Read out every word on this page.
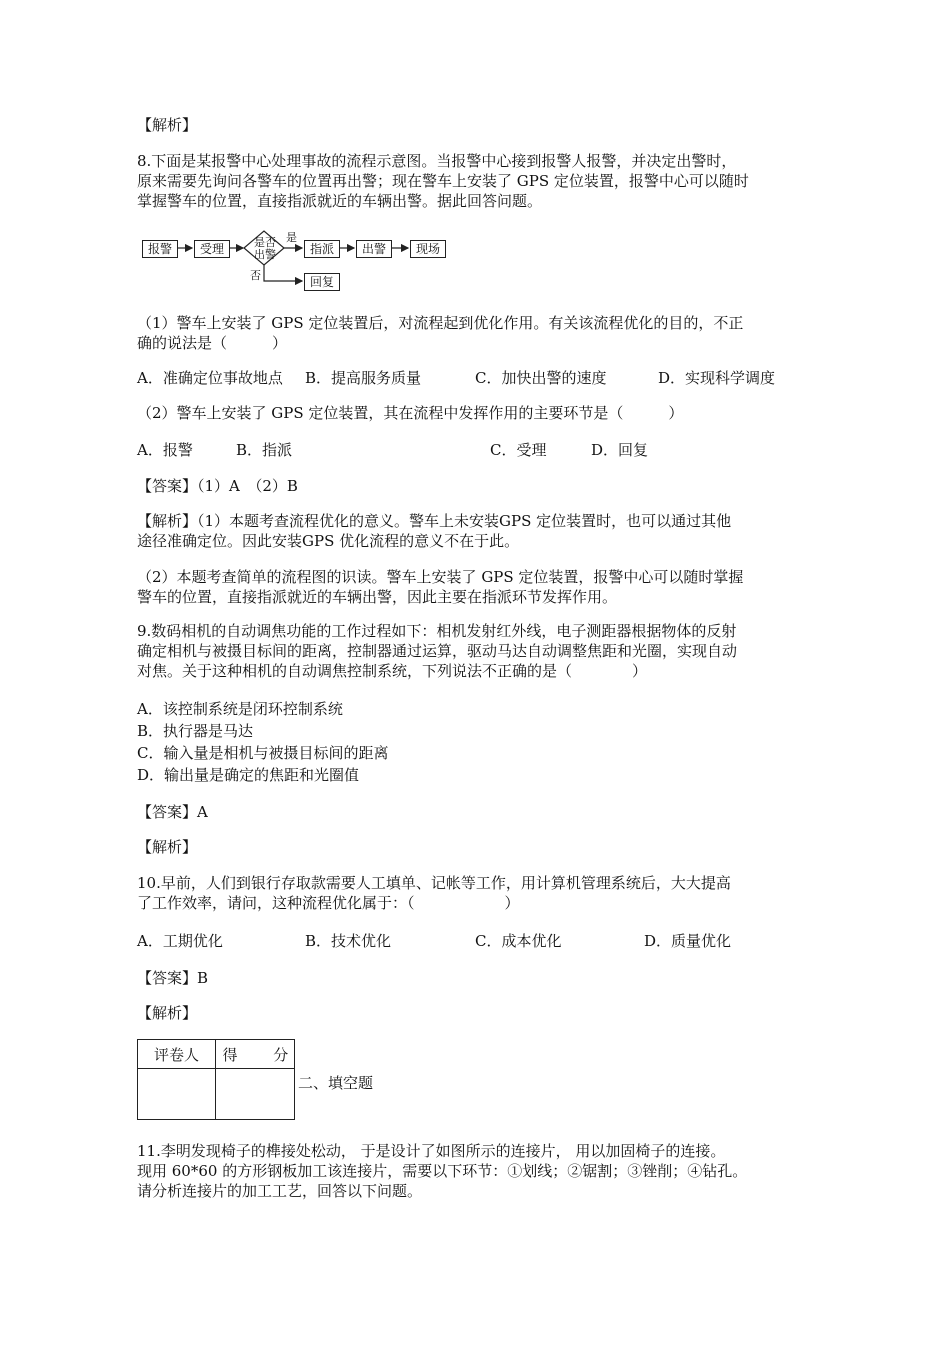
【解析】
8.下面是某报警中心处理事故的流程示意图。当报警中心接到报警人报警，并决定出警时，
原来需要先询问各警车的位置再出警；现在警车上安装了 GPS 定位装置，报警中心可以随时
掌握警车的位置，直接指派就近的车辆出警。据此回答问题。
报警	受理	是否
出警
是
否
指派	出警	现场
回复
（1）警车上安装了 GPS 定位装置后，对流程起到优化作用。有关该流程优化的目的，不正
确的说法是（　　　）
A．准确定位事故地点 B．提高服务质量	C．加快出警的速度	D．实现科学调度
（2）警车上安装了 GPS 定位装置，其在流程中发挥作用的主要环节是（　　　）
A．报警	B．指派	C．受理	D．回复
【答案】（1）A　（2）B
【解析】（1）本题考查流程优化的意义。警车上未安装GPS 定位装置时，也可以通过其他
途径准确定位。因此安装GPS 优化流程的意义不在于此。
（2）本题考查简单的流程图的识读。警车上安装了 GPS 定位装置，报警中心可以随时掌握
警车的位置，直接指派就近的车辆出警，因此主要在指派环节发挥作用。
9.数码相机的自动调焦功能的工作过程如下：相机发射红外线，电子测距器根据物体的反射
确定相机与被摄目标间的距离，控制器通过运算，驱动马达自动调整焦距和光圈，实现自动
对焦。关于这种相机的自动调焦控制系统，下列说法不正确的是（　　　　）
A．该控制系统是闭环控制系统
B．执行器是马达
C．输入量是相机与被摄目标间的距离
D．输出量是确定的焦距和光圈值
【答案】A
【解析】
10.早前，人们到银行存取款需要人工填单、记帐等工作，用计算机管理系统后，大大提高
了工作效率，请问，这种流程优化属于：（　　　　　　）
A．工期优化	B．技术优化	C．成本优化	D．质量优化
【答案】B
【解析】
评卷人	得 分

二、填空题
11.李明发现椅子的榫接处松动， 于是设计了如图所示的连接片， 用以加固椅子的连接。
现用 60*60 的方形钢板加工该连接片，需要以下环节：①划线；②锯割；③锉削；④钻孔。
请分析连接片的加工工艺，回答以下问题。
